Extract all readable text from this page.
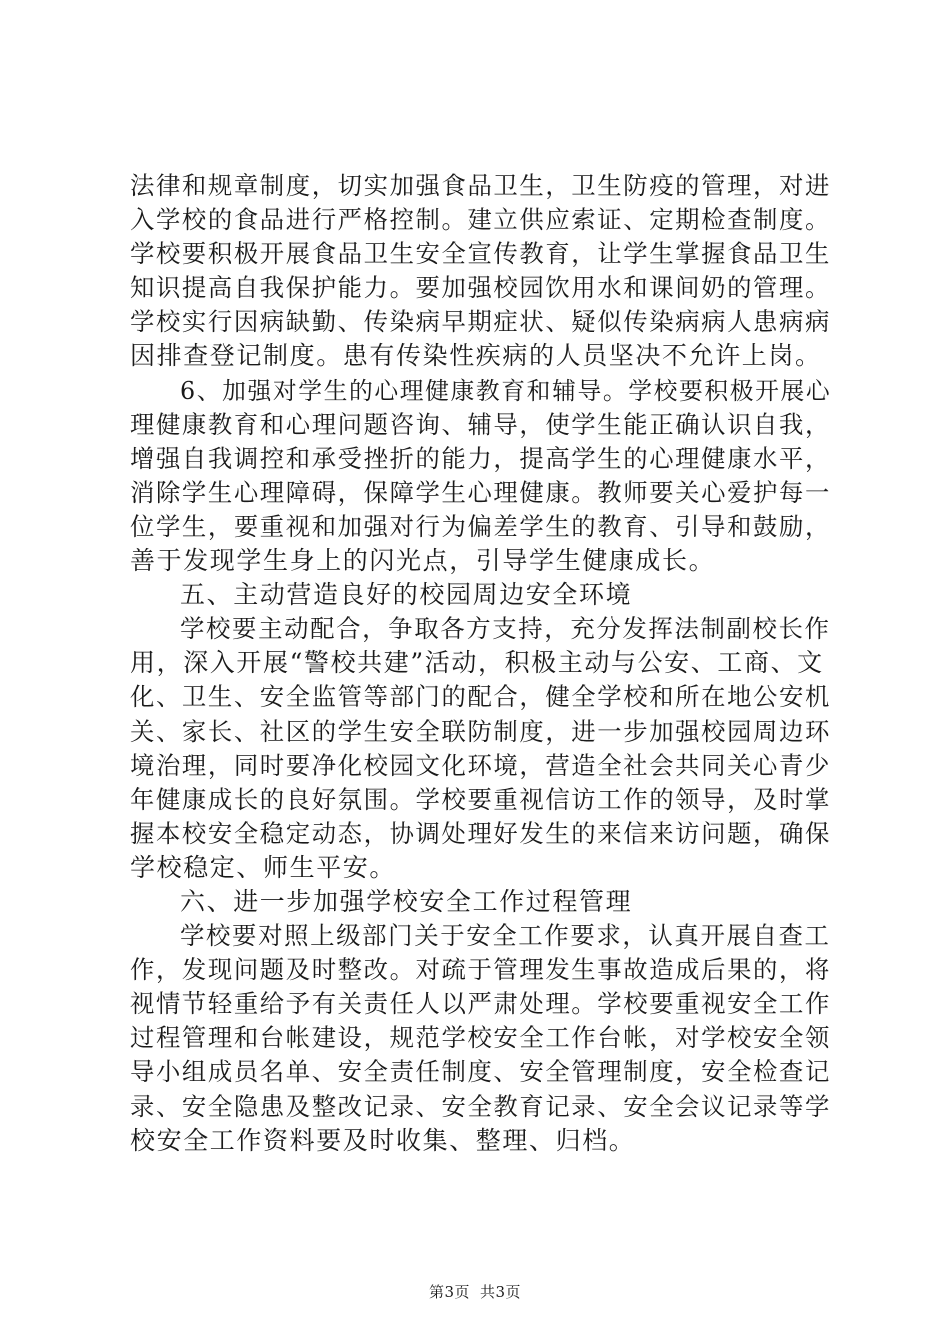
法律和规章制度，切实加强食品卫生，卫生防疫的管理，对进
入学校的食品进行严格控制。建立供应索证、定期检查制度。
学校要积极开展食品卫生安全宣传教育，让学生掌握食品卫生
知识提高自我保护能力。要加强校园饮用水和课间奶的管理。
学校实行因病缺勤、传染病早期症状、疑似传染病病人患病病
因排查登记制度。患有传染性疾病的人员坚决不允许上岗。
6、加强对学生的心理健康教育和辅导。学校要积极开展心
理健康教育和心理问题咨询、辅导，使学生能正确认识自我，
增强自我调控和承受挫折的能力，提高学生的心理健康水平，
消除学生心理障碍，保障学生心理健康。教师要关心爱护每一
位学生，要重视和加强对行为偏差学生的教育、引导和鼓励，
善于发现学生身上的闪光点，引导学生健康成长。
五、主动营造良好的校园周边安全环境
学校要主动配合，争取各方支持，充分发挥法制副校长作
用，深入开展“警校共建”活动，积极主动与公安、工商、文
化、卫生、安全监管等部门的配合，健全学校和所在地公安机
关、家长、社区的学生安全联防制度，进一步加强校园周边环
境治理，同时要净化校园文化环境，营造全社会共同关心青少
年健康成长的良好氛围。学校要重视信访工作的领导，及时掌
握本校安全稳定动态，协调处理好发生的来信来访问题，确保
学校稳定、师生平安。
六、进一步加强学校安全工作过程管理
学校要对照上级部门关于安全工作要求，认真开展自查工
作，发现问题及时整改。对疏于管理发生事故造成后果的，将
视情节轻重给予有关责任人以严肃处理。学校要重视安全工作
过程管理和台帐建设，规范学校安全工作台帐，对学校安全领
导小组成员名单、安全责任制度、安全管理制度，安全检查记
录、安全隐患及整改记录、安全教育记录、安全会议记录等学
校安全工作资料要及时收集、整理、归档。
第3页 共3页
